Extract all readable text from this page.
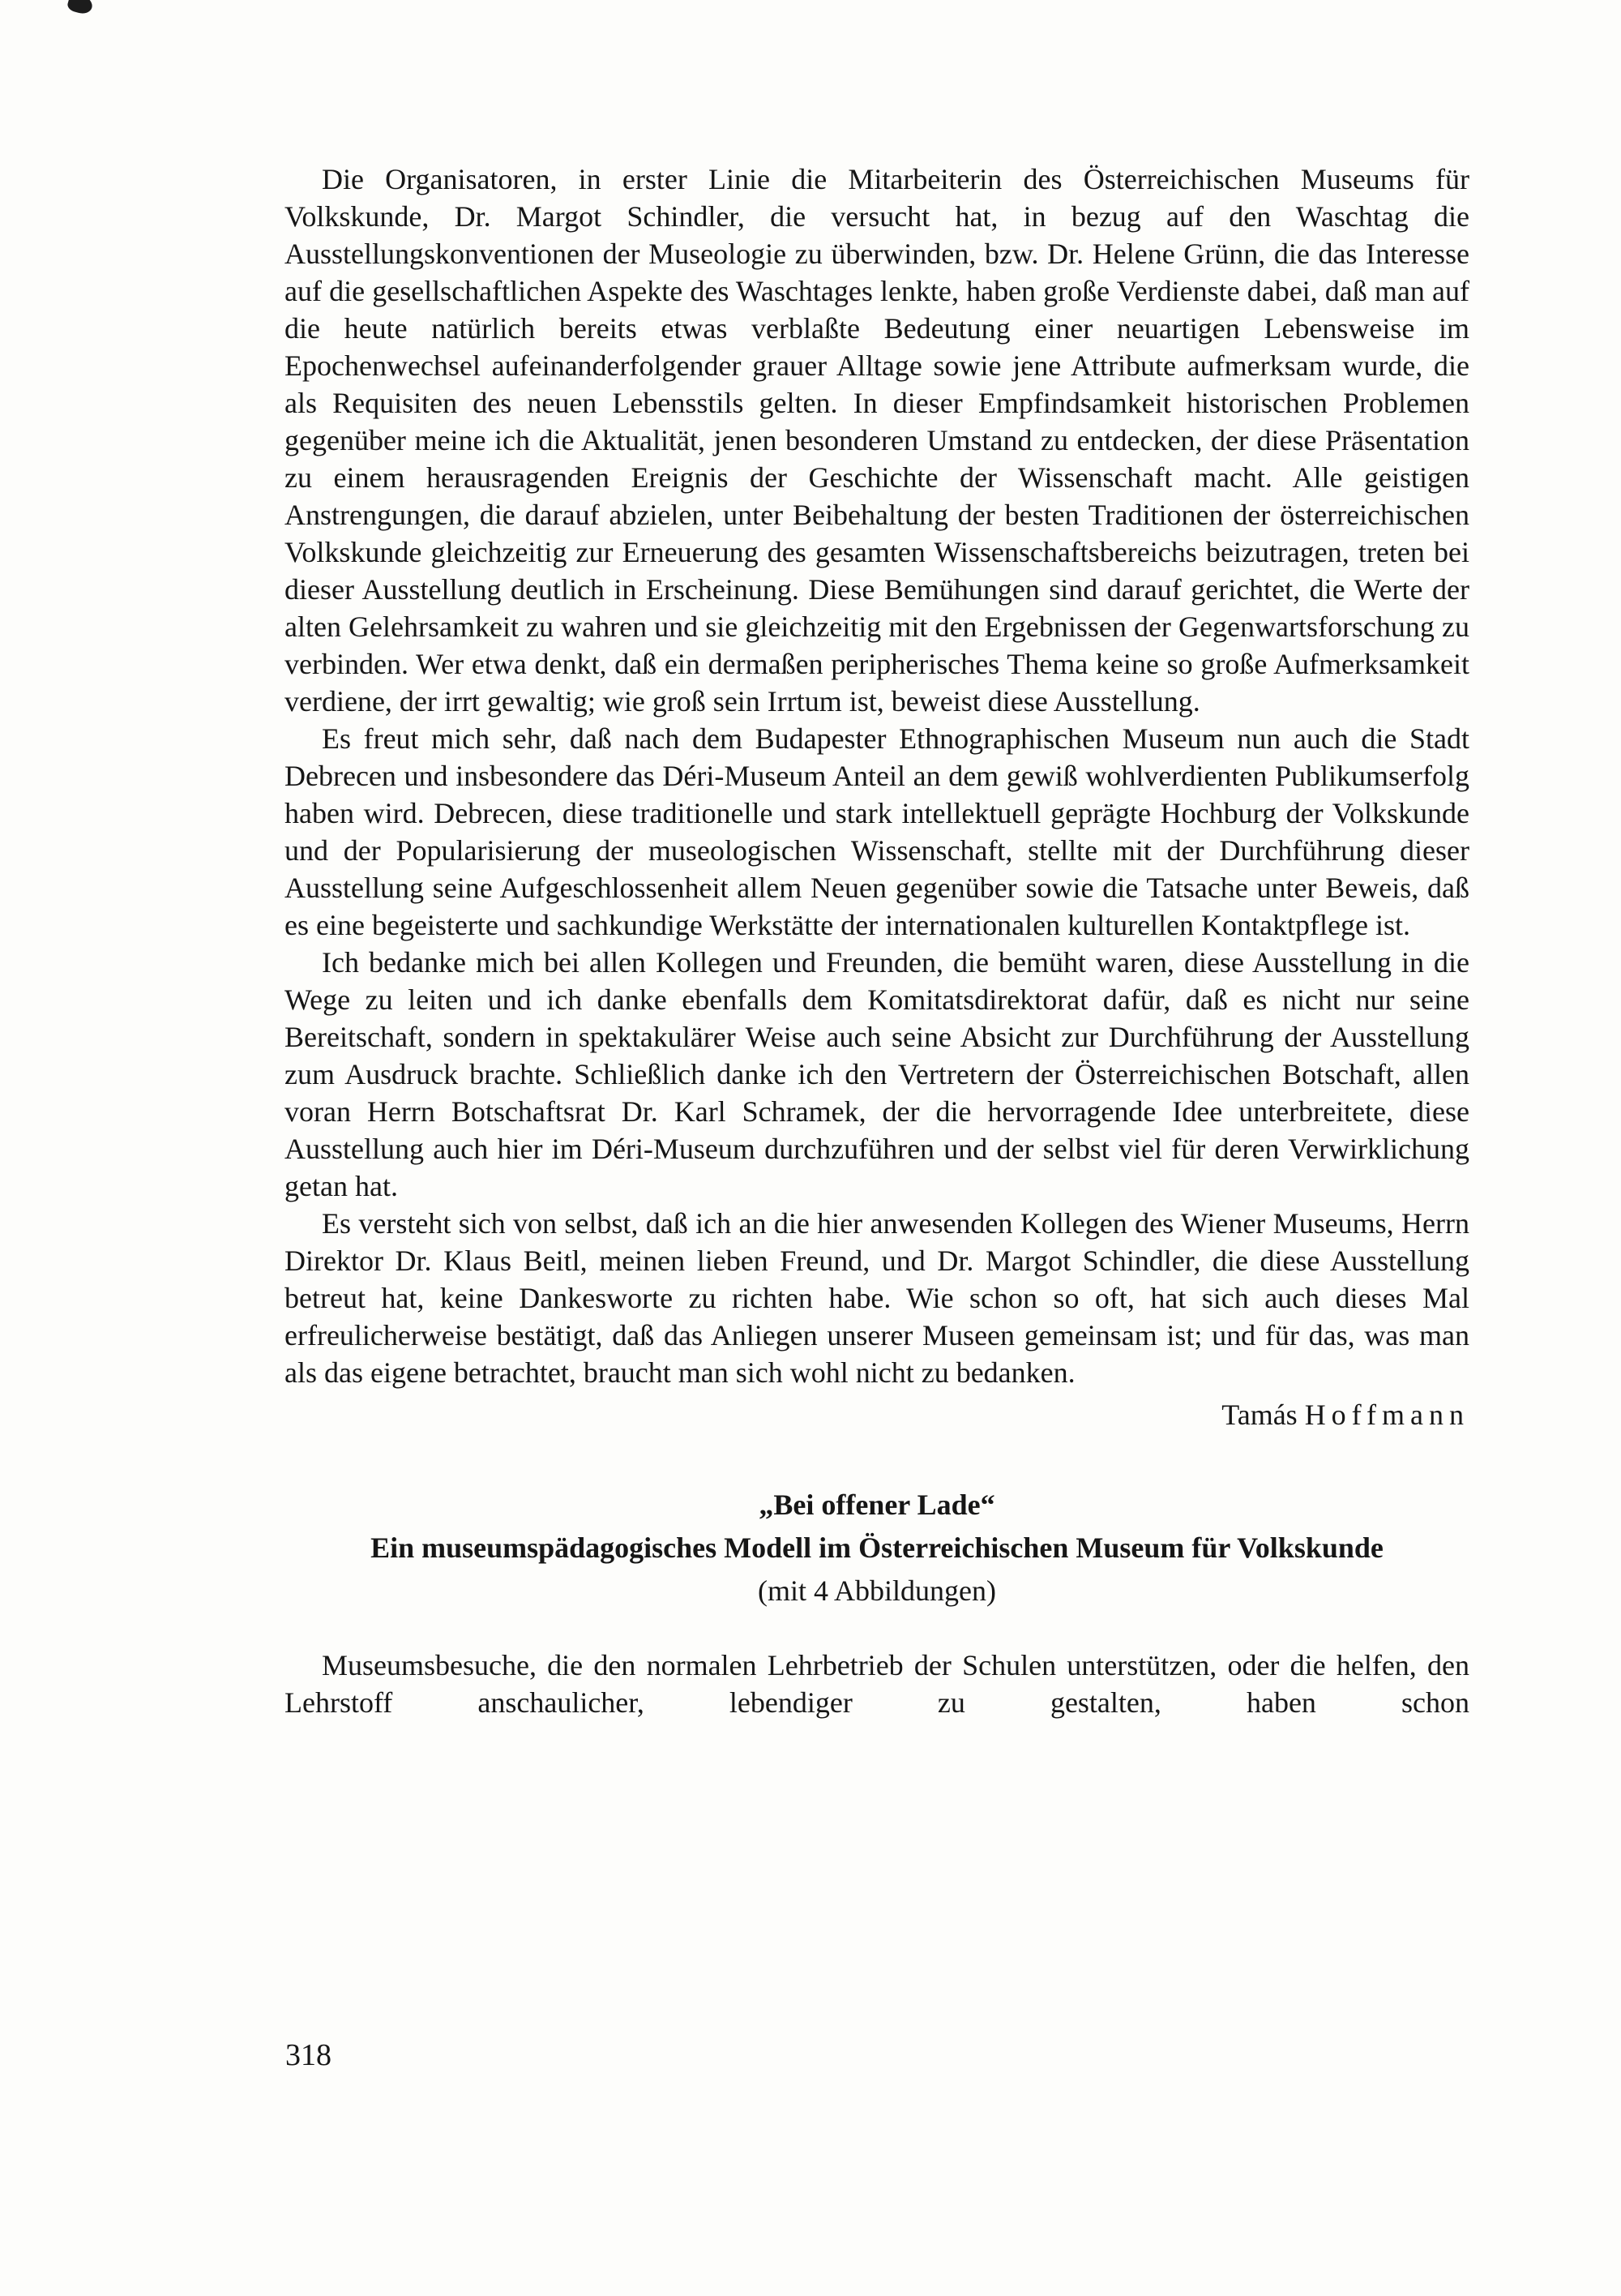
Die Organisatoren, in erster Linie die Mitarbeiterin des Österreichischen Museums für Volkskunde, Dr. Margot Schindler, die versucht hat, in bezug auf den Waschtag die Ausstellungskonventionen der Museologie zu überwinden, bzw. Dr. Helene Grünn, die das Interesse auf die gesellschaftlichen Aspekte des Waschtages lenkte, haben große Verdienste dabei, daß man auf die heute natürlich bereits etwas verblaßte Bedeutung einer neuartigen Lebensweise im Epochenwechsel aufeinanderfolgender grauer Alltage sowie jene Attribute aufmerksam wurde, die als Requisiten des neuen Lebensstils gelten. In dieser Empfindsamkeit historischen Problemen gegenüber meine ich die Aktualität, jenen besonderen Umstand zu entdecken, der diese Präsentation zu einem herausragenden Ereignis der Geschichte der Wissenschaft macht. Alle geistigen Anstrengungen, die darauf abzielen, unter Beibehaltung der besten Traditionen der österreichischen Volkskunde gleichzeitig zur Erneuerung des gesamten Wissenschaftsbereichs beizutragen, treten bei dieser Ausstellung deutlich in Erscheinung. Diese Bemühungen sind darauf gerichtet, die Werte der alten Gelehrsamkeit zu wahren und sie gleichzeitig mit den Ergebnissen der Gegenwartsforschung zu verbinden. Wer etwa denkt, daß ein dermaßen peripherisches Thema keine so große Aufmerksamkeit verdiene, der irrt gewaltig; wie groß sein Irrtum ist, beweist diese Ausstellung.

Es freut mich sehr, daß nach dem Budapester Ethnographischen Museum nun auch die Stadt Debrecen und insbesondere das Déri-Museum Anteil an dem gewiß wohlverdienten Publikumserfolg haben wird. Debrecen, diese traditionelle und stark intellektuell geprägte Hochburg der Volkskunde und der Popularisierung der museologischen Wissenschaft, stellte mit der Durchführung dieser Ausstellung seine Aufgeschlossenheit allem Neuen gegenüber sowie die Tatsache unter Beweis, daß es eine begeisterte und sachkundige Werkstätte der internationalen kulturellen Kontaktpflege ist.

Ich bedanke mich bei allen Kollegen und Freunden, die bemüht waren, diese Ausstellung in die Wege zu leiten und ich danke ebenfalls dem Komitatsdirektorat dafür, daß es nicht nur seine Bereitschaft, sondern in spektakulärer Weise auch seine Absicht zur Durchführung der Ausstellung zum Ausdruck brachte. Schließlich danke ich den Vertretern der Österreichischen Botschaft, allen voran Herrn Botschaftsrat Dr. Karl Schramek, der die hervorragende Idee unterbreitete, diese Ausstellung auch hier im Déri-Museum durchzuführen und der selbst viel für deren Verwirklichung getan hat.

Es versteht sich von selbst, daß ich an die hier anwesenden Kollegen des Wiener Museums, Herrn Direktor Dr. Klaus Beitl, meinen lieben Freund, und Dr. Margot Schindler, die diese Ausstellung betreut hat, keine Dankesworte zu richten habe. Wie schon so oft, hat sich auch dieses Mal erfreulicherweise bestätigt, daß das Anliegen unserer Museen gemeinsam ist; und für das, was man als das eigene betrachtet, braucht man sich wohl nicht zu bedanken.

Tamás Hoffmann

„Bei offener Lade“

Ein museumspädagogisches Modell im Österreichischen Museum für Volkskunde

(mit 4 Abbildungen)

Museumsbesuche, die den normalen Lehrbetrieb der Schulen unterstützen, oder die helfen, den Lehrstoff anschaulicher, lebendiger zu gestalten, haben schon

318
